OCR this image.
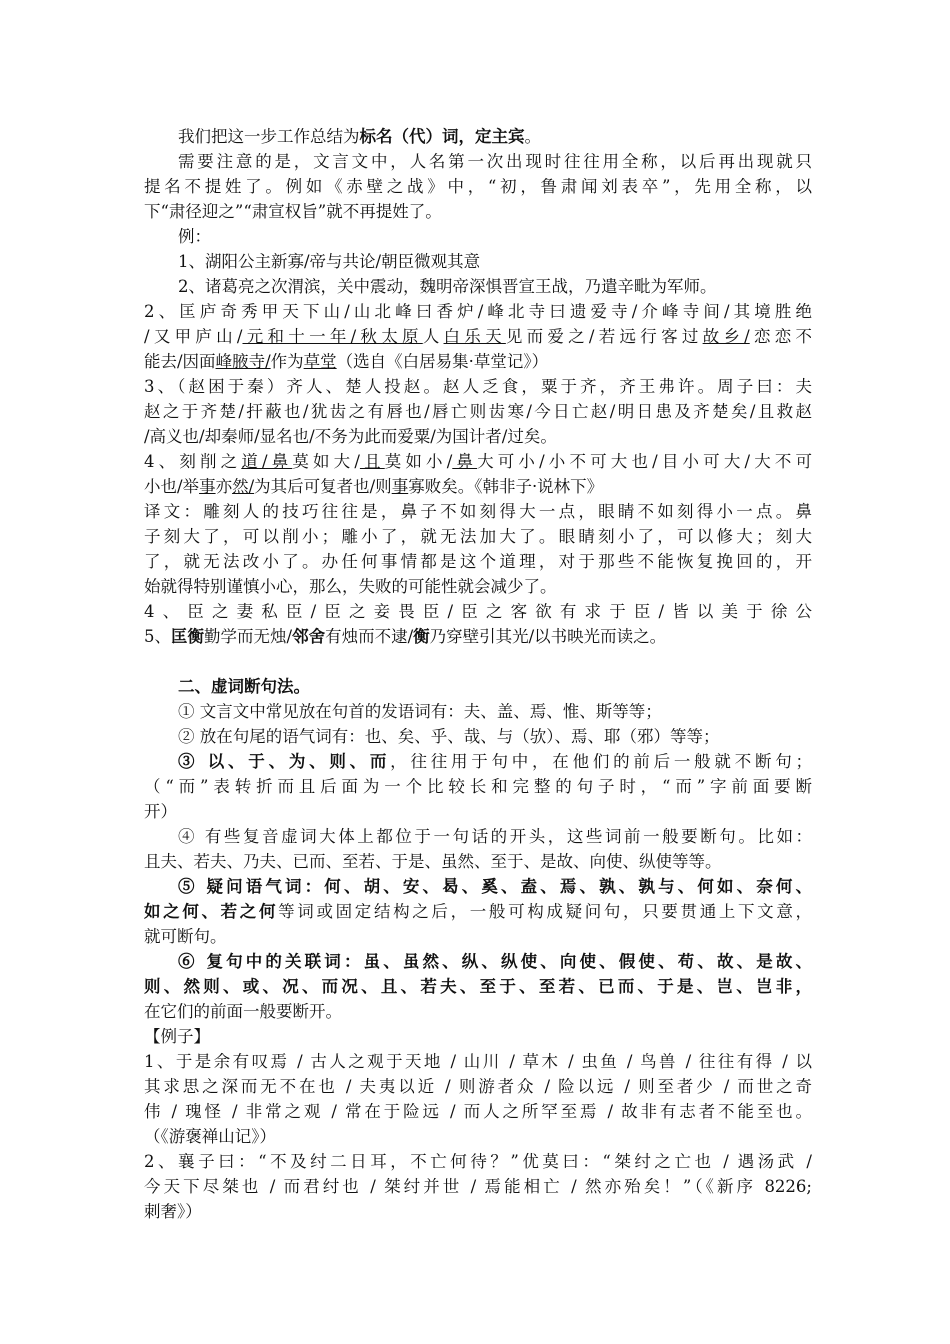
我们把这一步工作总结为标名（代）词，定主宾。

需要注意的是，文言文中，人名第一次出现时往往用全称，以后再出现就只

提名不提姓了。例如《赤壁之战》中，“初，鲁肃闻刘表卒”，先用全称，以

下“肃径迎之”“肃宣权旨”就不再提姓了。

例：

1、湖阳公主新寡/帝与共论/朝臣微观其意

2、诸葛亮之次渭滨，关中震动，魏明帝深惧晋宣王战，乃遣辛毗为军师。

2、匡庐奇秀甲天下山/山北峰曰香炉/峰北寺曰遗爱寺/介峰寺间/其境胜绝

/又甲庐山/元和十一年/秋太原人白乐天见而爱之/若远行客过故乡/恋恋不

能去/因面峰腋寺/作为草堂（选自《白居易集·草堂记》）

3、（赵困于秦）齐人、楚人投赵。赵人乏食，粟于齐，齐王弗许。周子曰：夫

赵之于齐楚/扞蔽也/犹齿之有唇也/唇亡则齿寒/今日亡赵/明日患及齐楚矣/且救赵

/高义也/却秦师/显名也/不务为此而爱粟/为国计者/过矣。

4、刻削之道/鼻莫如大/且莫如小/鼻大可小/小不可大也/目小可大/大不可

小也/举事亦然/为其后可复者也/则事寡败矣。《韩非子·说林下》

译文：雕刻人的技巧往往是，鼻子不如刻得大一点，眼睛不如刻得小一点。鼻

子刻大了，可以削小；雕小了，就无法加大了。眼睛刻小了，可以修大；刻大

了，就无法改小了。办任何事情都是这个道理，对于那些不能恢复挽回的，开

始就得特别谨慎小心，那么，失败的可能性就会减少了。

4、臣之妻私臣/臣之妾畏臣/臣之客欲有求于臣/皆以美于徐公

5、匡衡勤学而无烛/邻舍有烛而不逮/衡乃穿壁引其光/以书映光而读之。

二、虚词断句法。

① 文言文中常见放在句首的发语词有：夫、盖、焉、惟、斯等等；

② 放在句尾的语气词有：也、矣、乎、哉、与（欤）、焉、耶（邪）等等；

③ 以、于、为、则、而，往往用于句中，在他们的前后一般就不断句；

（“而”表转折而且后面为一个比较长和完整的句子时，“而”字前面要断

开）

④ 有些复音虚词大体上都位于一句话的开头，这些词前一般要断句。比如：

且夫、若夫、乃夫、已而、至若、于是、虽然、至于、是故、向使、纵使等等。

⑤ 疑问语气词：何、胡、安、曷、奚、盍、焉、孰、孰与、何如、奈何、

如之何、若之何等词或固定结构之后，一般可构成疑问句，只要贯通上下文意，

就可断句。

⑥ 复句中的关联词：虽、虽然、纵、纵使、向使、假使、苟、故、是故、

则、然则、或、况、而况、且、若夫、至于、至若、已而、于是、岂、岂非，

在它们的前面一般要断开。

【例子】

1、于是余有叹焉 / 古人之观于天地 / 山川 / 草木 / 虫鱼 / 鸟兽 / 往往有得 / 以

其求思之深而无不在也 / 夫夷以近 / 则游者众 / 险以远 / 则至者少 / 而世之奇

伟 / 瑰怪 / 非常之观 / 常在于险远 / 而人之所罕至焉 / 故非有志者不能至也。

（《游褒禅山记》）

2、襄子曰：“不及纣二日耳，不亡何待？”优莫曰：“桀纣之亡也 / 遇汤武 /

今天下尽桀也 / 而君纣也 / 桀纣并世 / 焉能相亡 / 然亦殆矣！”（《新序 8226;

刺奢》）
